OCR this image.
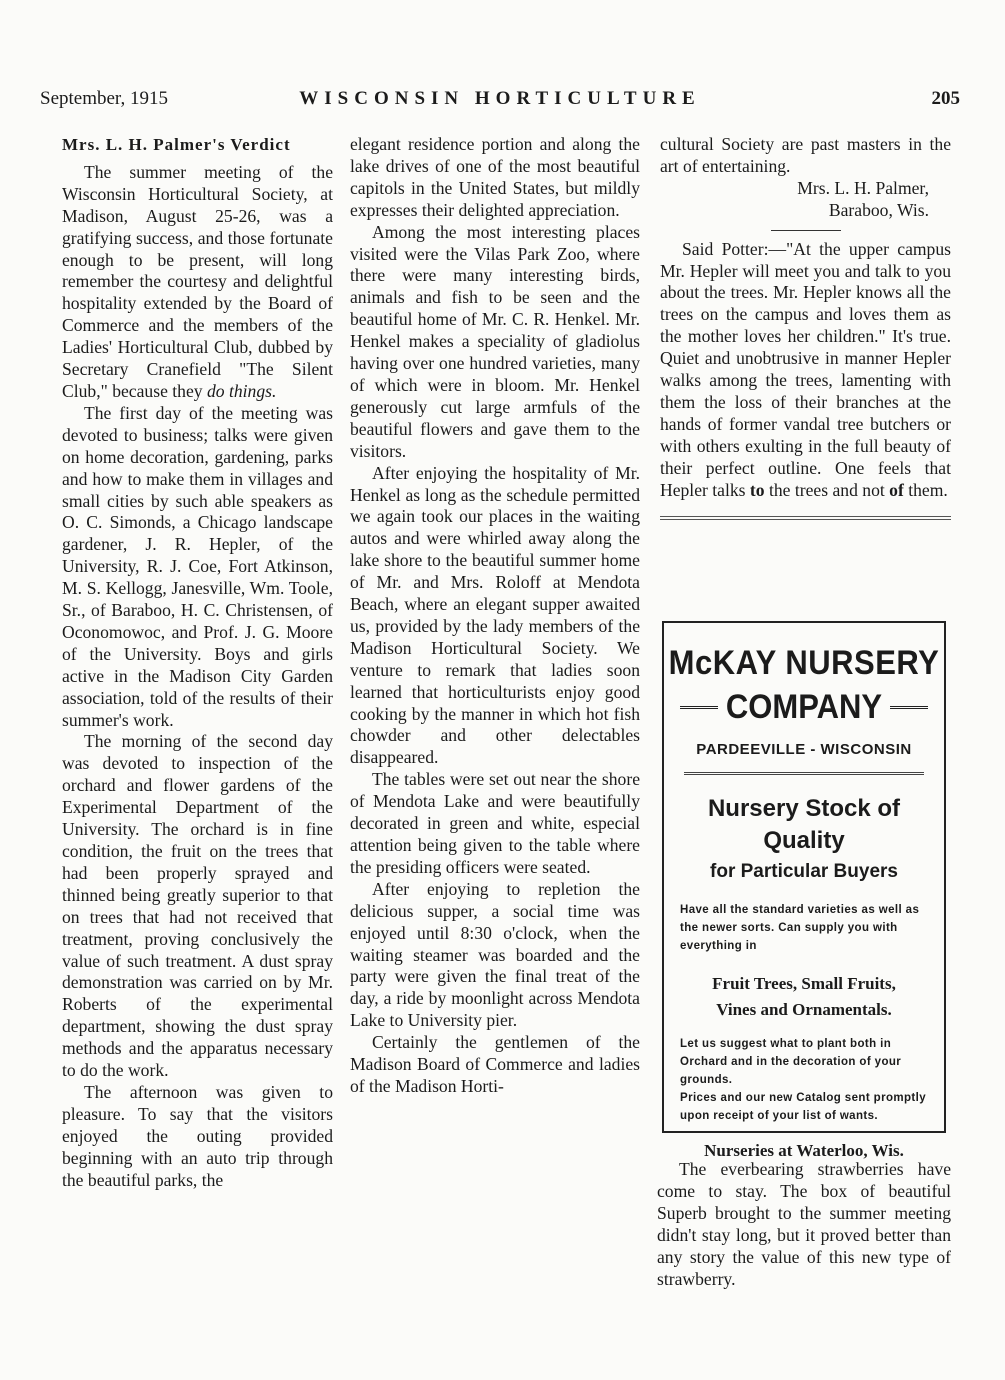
September, 1915	WISCONSIN HORTICULTURE	205

Mrs. L. H. Palmer's Verdict

The summer meeting of the Wisconsin Horticultural Society, at Madison, August 25-26, was a gratifying success, and those fortunate enough to be present, will long remember the courtesy and delightful hospitality extended by the Board of Commerce and the members of the Ladies' Horticultural Club, dubbed by Secretary Cranefield "The Silent Club," because they do things.

The first day of the meeting was devoted to business; talks were given on home decoration, gardening, parks and how to make them in villages and small cities by such able speakers as O. C. Simonds, a Chicago landscape gardener, J. R. Hepler, of the University, R. J. Coe, Fort Atkinson, M. S. Kellogg, Janesville, Wm. Toole, Sr., of Baraboo, H. C. Christensen, of Oconomowoc, and Prof. J. G. Moore of the University. Boys and girls active in the Madison City Garden association, told of the results of their summer's work.

The morning of the second day was devoted to inspection of the orchard and flower gardens of the Experimental Department of the University. The orchard is in fine condition, the fruit on the trees that had been properly sprayed and thinned being greatly superior to that on trees that had not received that treatment, proving conclusively the value of such treatment. A dust spray demonstration was carried on by Mr. Roberts of the experimental department, showing the dust spray methods and the apparatus necessary to do the work.

The afternoon was given to pleasure. To say that the visitors enjoyed the outing provided beginning with an auto trip through the beautiful parks, the

elegant residence portion and along the lake drives of one of the most beautiful capitols in the United States, but mildly expresses their delighted appreciation.

Among the most interesting places visited were the Vilas Park Zoo, where there were many interesting birds, animals and fish to be seen and the beautiful home of Mr. C. R. Henkel. Mr. Henkel makes a speciality of gladiolus having over one hundred varieties, many of which were in bloom. Mr. Henkel generously cut large armfuls of the beautiful flowers and gave them to the visitors.

After enjoying the hospitality of Mr. Henkel as long as the schedule permitted we again took our places in the waiting autos and were whirled away along the lake shore to the beautiful summer home of Mr. and Mrs. Roloff at Mendota Beach, where an elegant supper awaited us, provided by the lady members of the Madison Horticultural Society. We venture to remark that ladies soon learned that horticulturists enjoy good cooking by the manner in which hot fish chowder and other delectables disappeared.

The tables were set out near the shore of Mendota Lake and were beautifully decorated in green and white, especial attention being given to the table where the presiding officers were seated.

After enjoying to repletion the delicious supper, a social time was enjoyed until 8:30 o'clock, when the waiting steamer was boarded and the party were given the final treat of the day, a ride by moonlight across Mendota Lake to University pier.

Certainly the gentlemen of the Madison Board of Commerce and ladies of the Madison Horti-

cultural Society are past masters in the art of entertaining.

Mrs. L. H. Palmer,

Baraboo, Wis.

Said Potter:—"At the upper campus Mr. Hepler will meet you and talk to you about the trees. Mr. Hepler knows all the trees on the campus and loves them as the mother loves her children." It's true. Quiet and unobtrusive in manner Hepler walks among the trees, lamenting with them the loss of their branches at the hands of former vandal tree butchers or with others exulting in the full beauty of their perfect outline. One feels that Hepler talks to the trees and not of them.

McKAY NURSERY
COMPANY
PARDEEVILLE - WISCONSIN
Nursery Stock of
Quality
for Particular Buyers
Have all the standard varieties as well as the newer sorts. Can supply you with everything in
Fruit Trees, Small Fruits,
Vines and Ornamentals.
Let us suggest what to plant both in Orchard and in the decoration of your grounds.
Prices and our new Catalog sent promptly upon receipt of your list of wants.
Nurseries at Waterloo, Wis.

The everbearing strawberries have come to stay. The box of beautiful Superb brought to the summer meeting didn't stay long, but it proved better than any story the value of this new type of strawberry.
